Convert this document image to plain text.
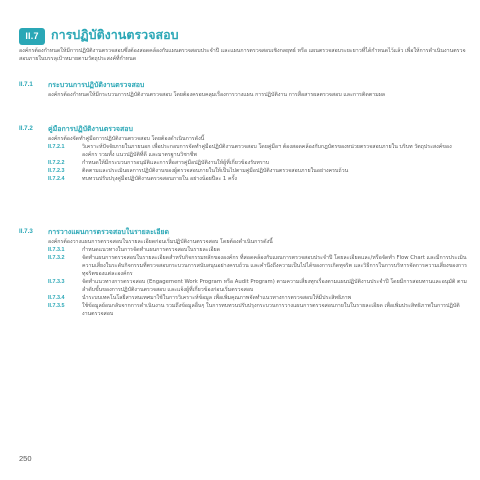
II.7 การปฏิบัติงานตรวจสอบ
องค์กรต้องกำหนดให้มีการปฏิบัติงานตรวจสอบซึ่งต้องสอดคล้องกับแผนตรวจสอบประจำปี และแผนการตรวจสอบเชิงกลยุทธ์ หรือ แผนตรวจสอบระยะยาวที่ได้กำหนดไว้แล้ว เพื่อให้การดำเนินงานตรวจสอบภายในบรรลุเป้าหมายตามวัตถุประสงค์ที่กำหนด
II.7.1 กระบวนการปฏิบัติงานตรวจสอบ
องค์กรต้องกำหนดให้มีกระบวนการปฏิบัติงานตรวจสอบ โดยต้องครอบคลุมเรื่องการวางแผน การปฏิบัติงาน การสื่อสารผลตรวจสอบ และการติดตามผล
II.7.2 คู่มือการปฏิบัติงานตรวจสอบ
องค์กรต้องจัดทำคู่มือการปฏิบัติงานตรวจสอบ โดยต้องดำเนินการดังนี้
II.7.2.1	วิเคราะห์ปัจจัยภายในภายนอก เพื่อประกอบการจัดทำคู่มือปฏิบัติงานตรวจสอบ โดยคู่มือฯ ต้องสอดคล้องกับกฎบัตรของหน่วยตรวจสอบภายใน บริบท วัตถุประสงค์ขององค์กร รวมทั้ง แนวปฏิบัติที่ดี และมาตรฐานวิชาชีพ
II.7.2.2	กำหนดให้มีกระบวนการอนุมัติและการสื่อสารคู่มือปฏิบัติงานให้ผู้ที่เกี่ยวข้องรับทราบ
II.7.2.3	ติดตามและประเมินผลการปฏิบัติงานของผู้ตรวจสอบภายในให้เป็นไปตามคู่มือปฏิบัติงานตรวจสอบภายในอย่างครบถ้วน
II.7.2.4	ทบทวนปรับปรุงคู่มือปฏิบัติงานตรวจสอบภายใน อย่างน้อยปีละ 1 ครั้ง
II.7.3 การวางแผนการตรวจสอบในรายละเอียด
องค์กรต้องวางแผนการตรวจสอบในรายละเอียดก่อนเริ่มปฏิบัติงานตรวจสอบ โดยต้องดำเนินการดังนี้
II.7.3.1	กำหนดแนวทางในการจัดทำแผนการตรวจสอบในรายละเอียด
II.7.3.2	จัดทำแผนการตรวจสอบในรายละเอียดสำหรับกิจกรรมหลักขององค์กร ที่สอดคล้องกับแผนการตรวจสอบประจำปี โดยละเอียดและ/หรือจัดทำ Flow Chart และมีการประเมินความเสี่ยงในระดับกิจกรรมที่ตรวจสอบกระบวนการสนับสนุนอย่างครบถ้วน และคำนึงถึงความเป็นไปได้ของการเกิดทุจริต และวิธีการในการบริหารจัดการความเสี่ยงของการทุจริตของแต่ละองค์กร
II.7.3.3	จัดทำแนวทางการตรวจสอบ (Engagement Work Program หรือ Audit Program) ตามความเสี่ยงทุกเรื่องตามแผนปฏิบัติงานประจำปี โดยมีการสอบทานและอนุมัติ ตามลำดับขั้นของการปฏิบัติงานตรวจสอบ และแจ้งผู้ที่เกี่ยวข้องก่อนเริ่มตรวจสอบ
II.7.3.4	นำระบบเทคโนโลยีสารสนเทศมาใช้ในการวิเคราะห์ข้อมูล เพื่อเพิ่มคุณภาพจัดทำแนวทางการตรวจสอบให้มีประสิทธิภาพ
II.7.3.5	ใช้ข้อมูลย้อนกลับจากการดำเนินงาน รวมถึงข้อมูลอื่นๆ ในการทบทวนปรับปรุงกระบวนการวางแผนการตรวจสอบภายในในรายละเอียด เพื่อเพิ่มประสิทธิภาพในการปฏิบัติงานตรวจสอบ
250
